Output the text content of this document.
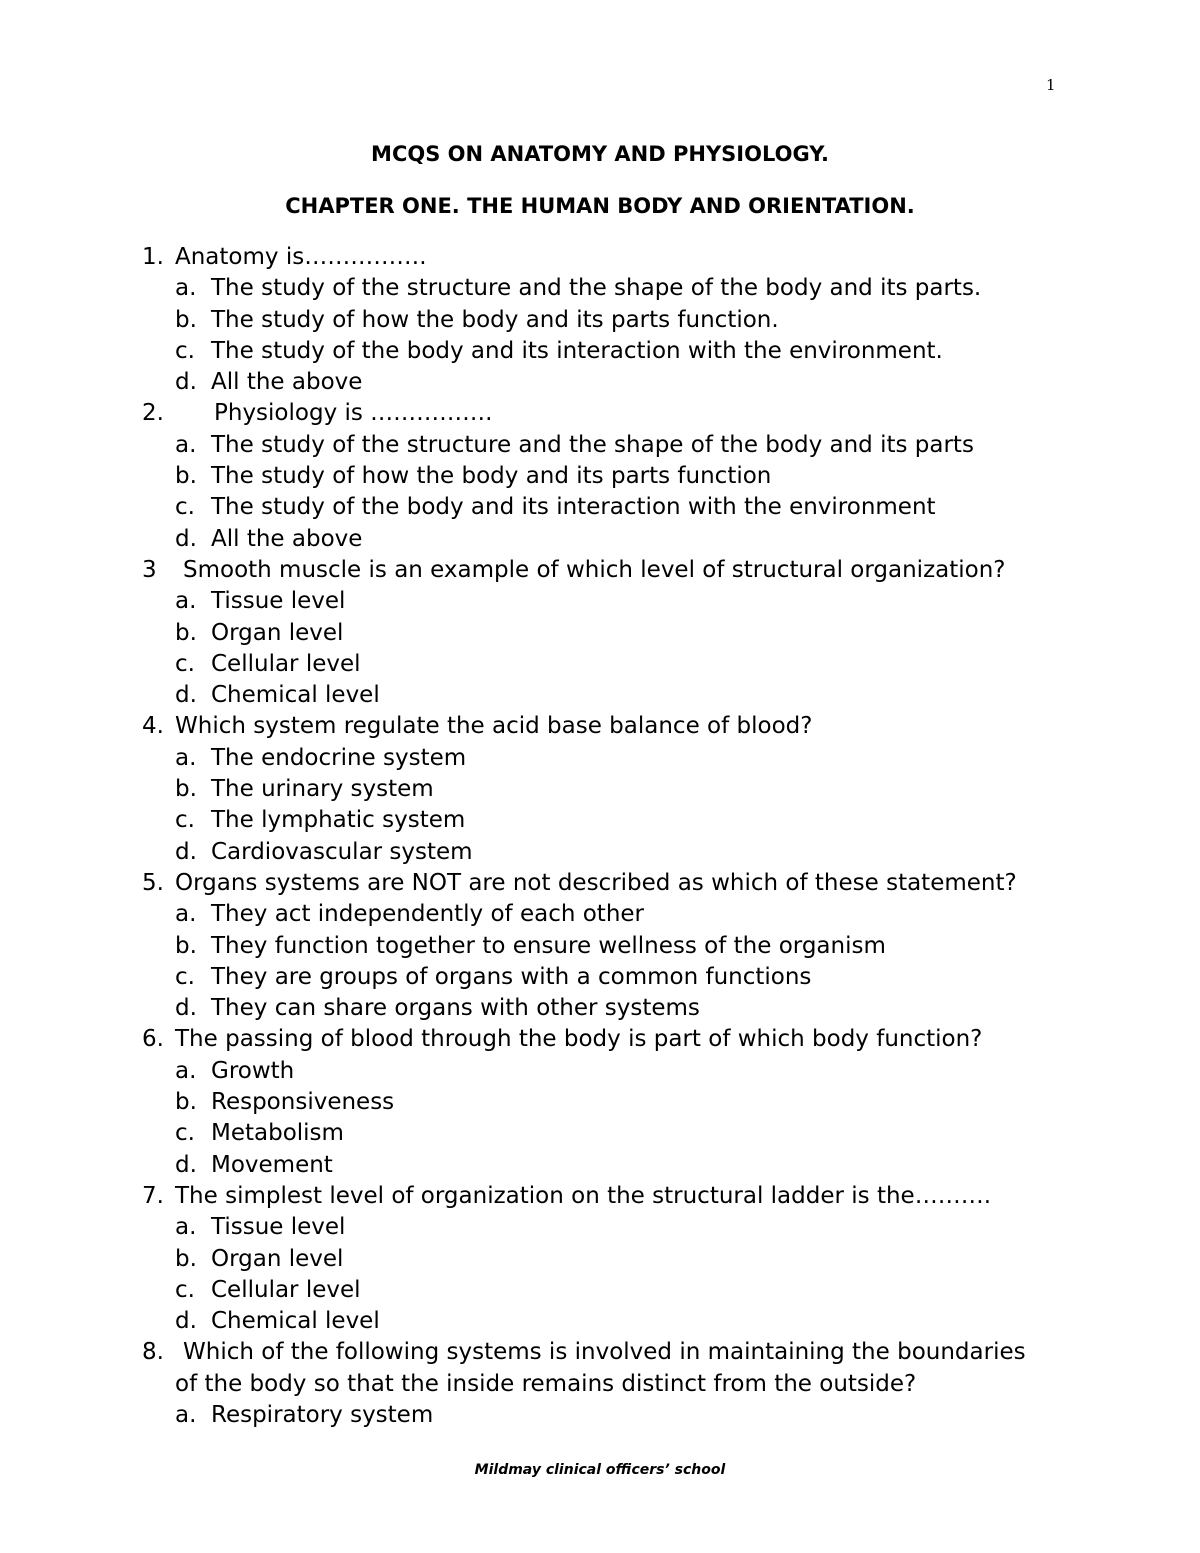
1
MCQS ON ANATOMY AND PHYSIOLOGY.
CHAPTER ONE. THE HUMAN BODY AND ORIENTATION.
1. Anatomy is…………….
a. The study of the structure and the shape of the body and its parts.
b. The study of how the body and its parts function.
c. The study of the body and its interaction with the environment.
d. All the above
2. Physiology is …………….
a. The study of the structure and the shape of the body and its parts
b. The study of how the body and its parts function
c. The study of the body and its interaction with the environment
d. All the above
3 Smooth muscle is an example of which level of structural organization?
a. Tissue level
b. Organ level
c. Cellular level
d. Chemical level
4. Which system regulate the acid base balance of blood?
a. The endocrine system
b. The urinary system
c. The lymphatic system
d. Cardiovascular system
5. Organs systems are NOT are not described as which of these statement?
a. They act independently of each other
b. They function together to ensure wellness of the organism
c. They are groups of organs with a common functions
d. They can share organs with other systems
6. The passing of blood through the body is part of which body function?
a. Growth
b. Responsiveness
c. Metabolism
d. Movement
7. The simplest level of organization on the structural ladder is the……….
a. Tissue level
b. Organ level
c. Cellular level
d. Chemical level
8. Which of the following systems is involved in maintaining the boundaries
of the body so that the inside remains distinct from the outside?
a. Respiratory system
Mildmay clinical officers’ school
